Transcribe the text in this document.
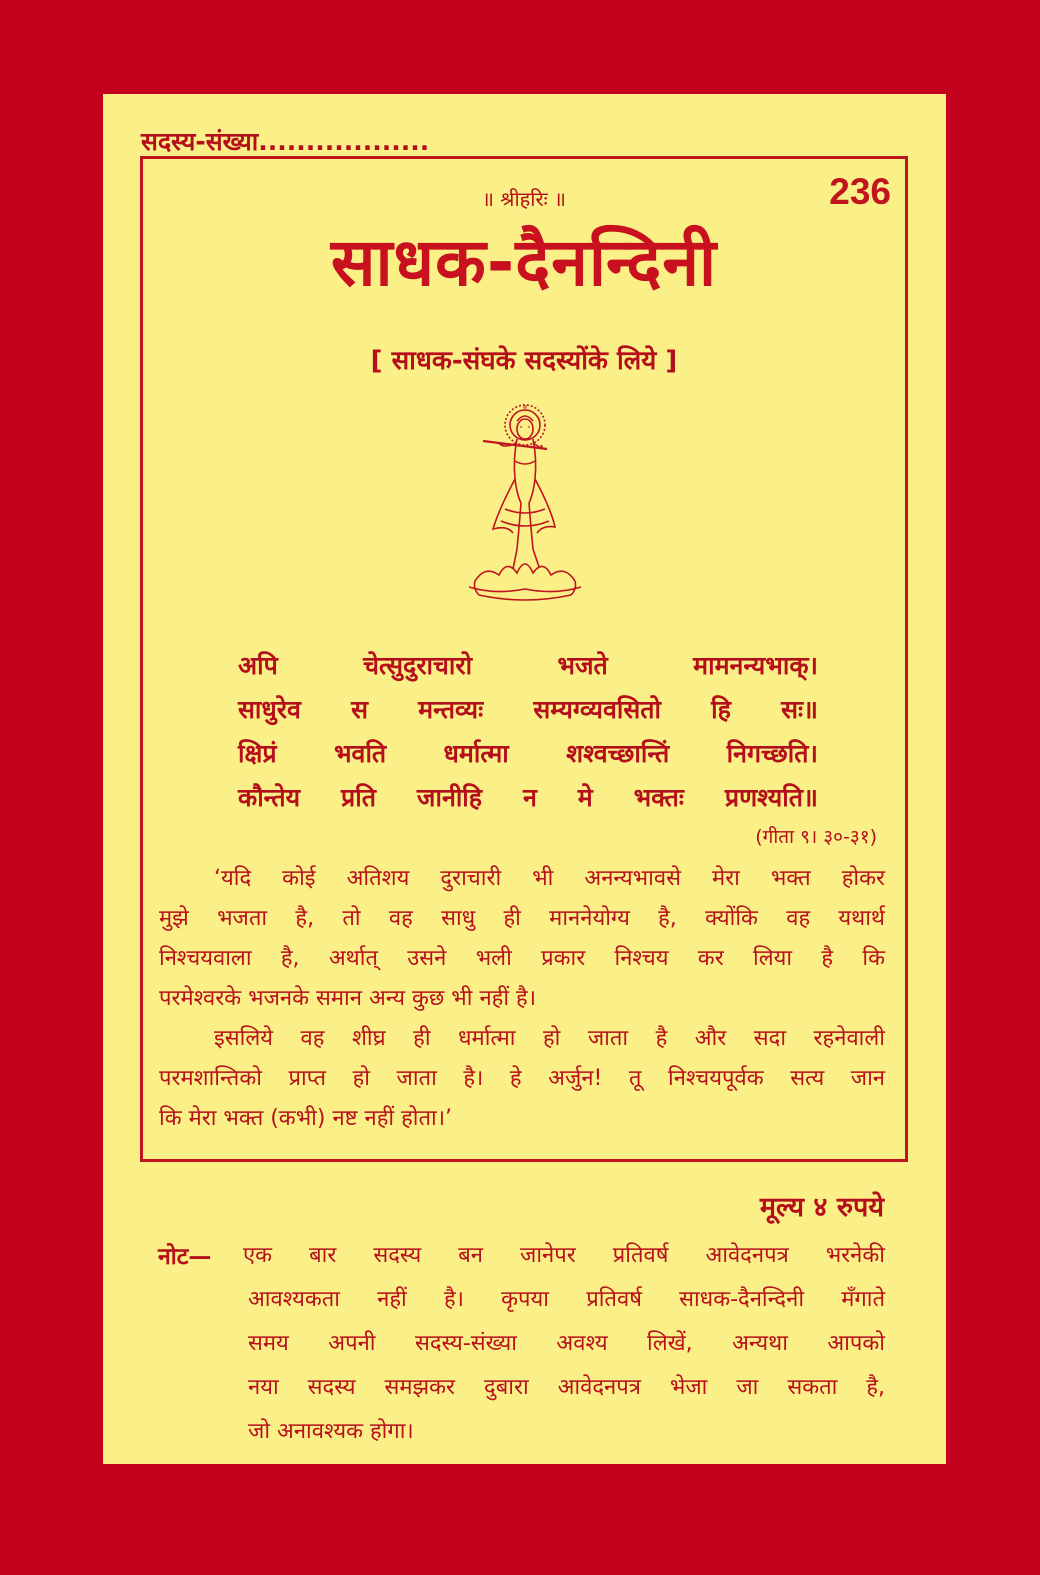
सदस्य-संख्या..................
॥ श्रीहरिः ॥	236
साधक-दैनन्दिनी
[ साधक-संघके सदस्योंके लिये ]
अपि चेत्सुदुराचारो भजते मामनन्यभाक्।
साधुरेव स मन्तव्यः सम्यग्व्यवसितो हि सः॥
क्षिप्रं भवति धर्मात्मा शश्वच्छान्तिं निगच्छति।
कौन्तेय प्रति जानीहि न मे भक्तः प्रणश्यति॥
(गीता ९। ३०-३१)
‘यदि कोई अतिशय दुराचारी भी अनन्यभावसे मेरा भक्त होकर
मुझे भजता है, तो वह साधु ही माननेयोग्य है, क्योंकि वह यथार्थ
निश्चयवाला है, अर्थात् उसने भली प्रकार निश्चय कर लिया है कि
परमेश्वरके भजनके समान अन्य कुछ भी नहीं है।
इसलिये वह शीघ्र ही धर्मात्मा हो जाता है और सदा रहनेवाली
परमशान्तिको प्राप्त हो जाता है। हे अर्जुन! तू निश्चयपूर्वक सत्य जान
कि मेरा भक्त (कभी) नष्ट नहीं होता।’
मूल्य ४ रुपये
नोट— एक बार सदस्य बन जानेपर प्रतिवर्ष आवेदनपत्र भरनेकी
आवश्यकता नहीं है। कृपया प्रतिवर्ष साधक-दैनन्दिनी मँगाते
समय अपनी सदस्य-संख्या अवश्य लिखें, अन्यथा आपको
नया सदस्य समझकर दुबारा आवेदनपत्र भेजा जा सकता है,
जो अनावश्यक होगा।
